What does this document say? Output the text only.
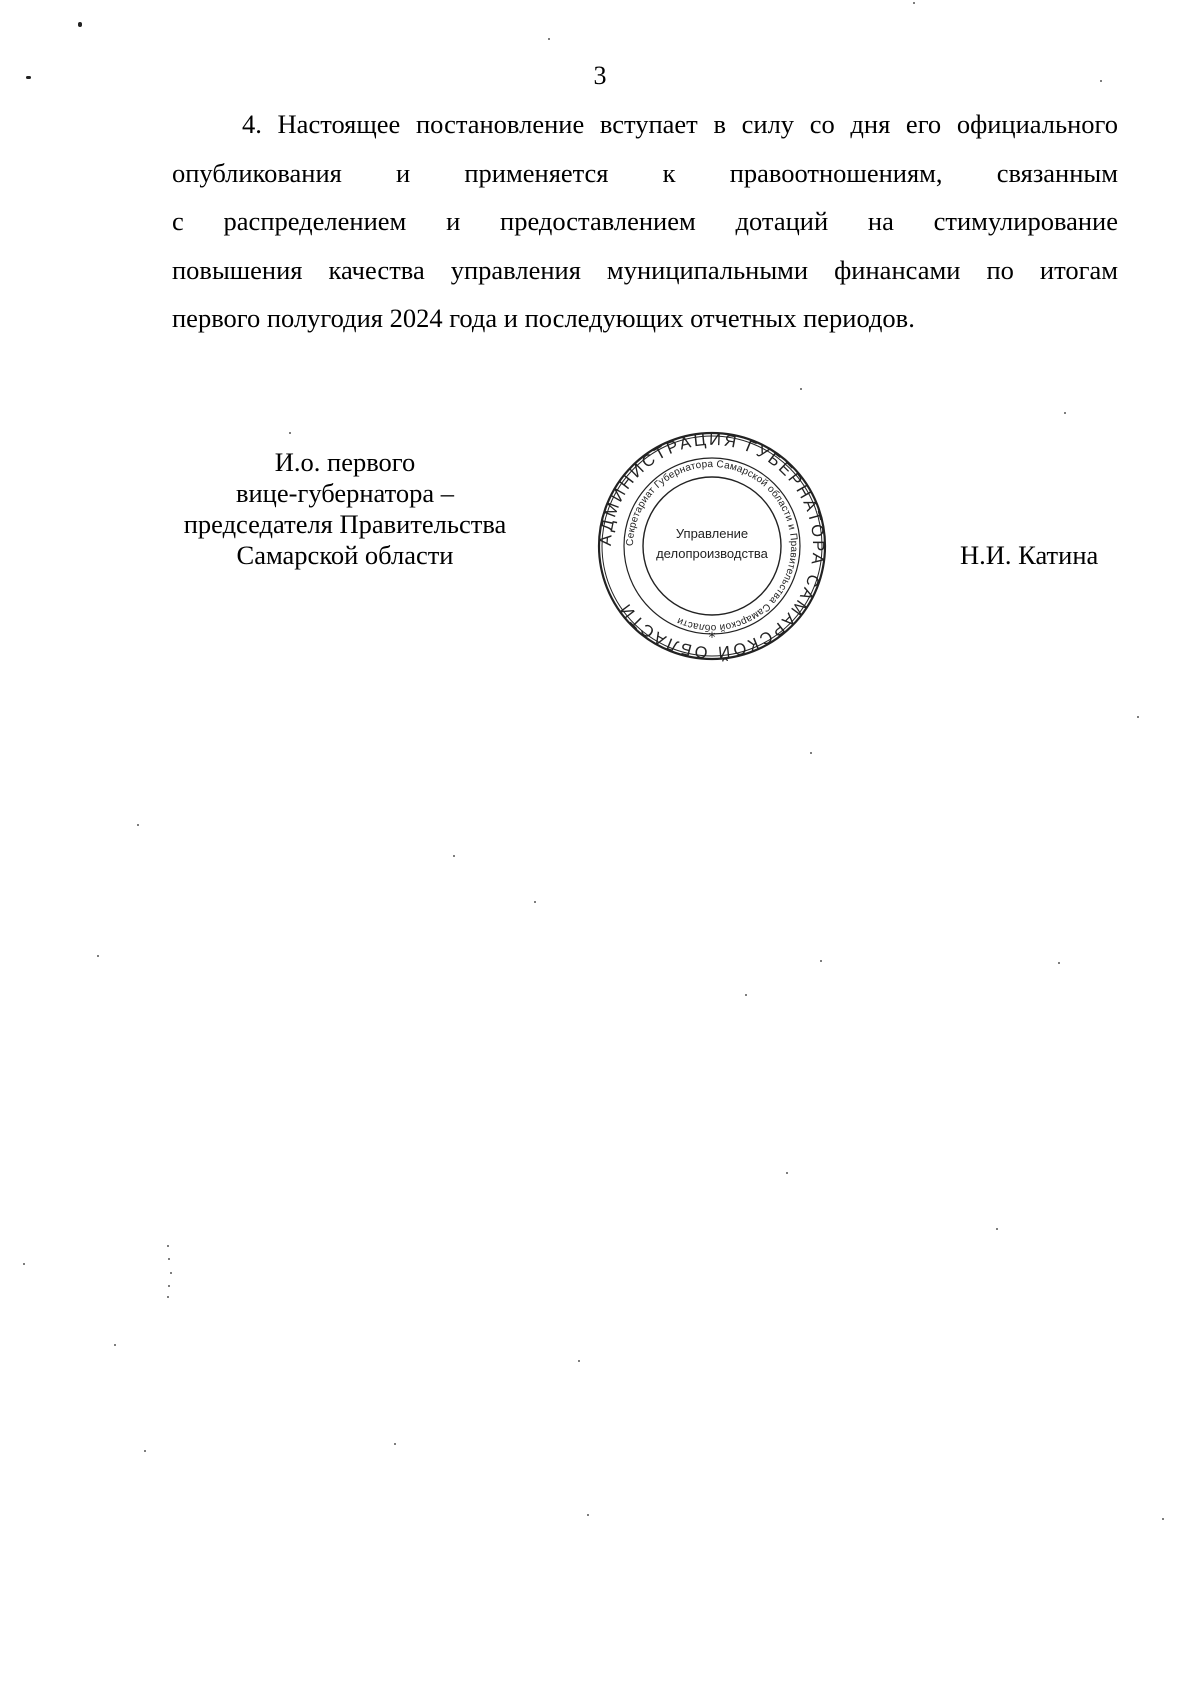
3
4. Настоящее постановление вступает в силу со дня его официального
опубликования и применяется к правоотношениям, связанным
с распределением и предоставлением дотаций на стимулирование
повышения качества управления муниципальными финансами по итогам
первого полугодия 2024 года и последующих отчетных периодов.
И.о. первого
вице-губернатора –
председателя Правительства
Самарской области	Н.И. Катина
АДМИНИСТРАЦИЯ ГУБЕРНАТОРА САМАРСКОЙ ОБЛАСТИ
Секретариат Губернатора Самарской области и Правительства Самарской области
Управление
делопроизводства
*
